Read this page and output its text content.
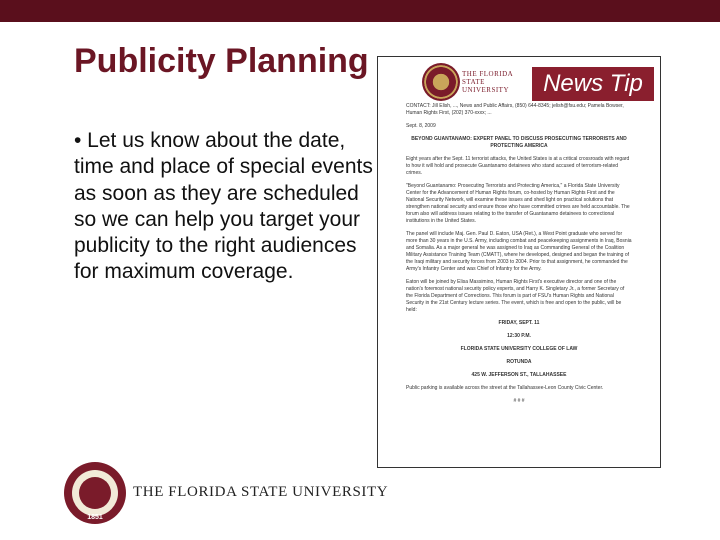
Publicity Planning
• Let us know about the date, time and place of special events as soon as they are scheduled so we can help you target your publicity to the right audiences for maximum coverage.
THE FLORIDA STATE UNIVERSITY	News Tip

CONTACT: Jill Elish, ..., News and Public Affairs, (850) 644-8345; jelish@fsu.edu; Pamela Bowser, Human Rights First, (202) 370-xxxx; ...

Sept. 8, 2009

BEYOND GUANTANAMO: EXPERT PANEL TO DISCUSS PROSECUTING TERRORISTS AND PROTECTING AMERICA

Eight years after the Sept. 11 terrorist attacks, the United States is at a critical crossroads with regard to how it will hold and prosecute Guantanamo detainees who stand accused of terrorism-related crimes.

"Beyond Guantanamo: Prosecuting Terrorists and Protecting America," a Florida State University Center for the Advancement of Human Rights forum, co-hosted by Human Rights First and the National Security Network, will examine these issues and shed light on practical solutions that strengthen national security and ensure those who have committed crimes are held accountable. The forum also will address issues relating to the transfer of Guantanamo detainees to correctional institutions in the United States.

The panel will include Maj. Gen. Paul D. Eaton, USA (Ret.), a West Point graduate who served for more than 30 years in the U.S. Army, including combat and peacekeeping assignments in Iraq, Bosnia and Somalia. As a major general he was assigned to Iraq as Commanding General of the Coalition Military Assistance Training Team (CMATT), where he developed, designed and began the training of the Iraqi military and security forces from 2003 to 2004. Prior to that assignment, he commanded the Army's Infantry Center and was Chief of Infantry for the Army.

Eaton will be joined by Elisa Massimino, Human Rights First's executive director and one of the nation's foremost national security policy experts, and Harry K. Singletary Jr., a former Secretary of the Florida Department of Corrections. This forum is part of FSU's Human Rights and National Security in the 21st Century lecture series. The event, which is free and open to the public, will be held:

FRIDAY, SEPT. 11

12:30 P.M.

FLORIDA STATE UNIVERSITY COLLEGE OF LAW

ROTUNDA

425 W. JEFFERSON ST., TALLAHASSEE

Public parking is available across the street at the Tallahassee-Leon County Civic Center.

# # #

1851
THE FLORIDA STATE UNIVERSITY
